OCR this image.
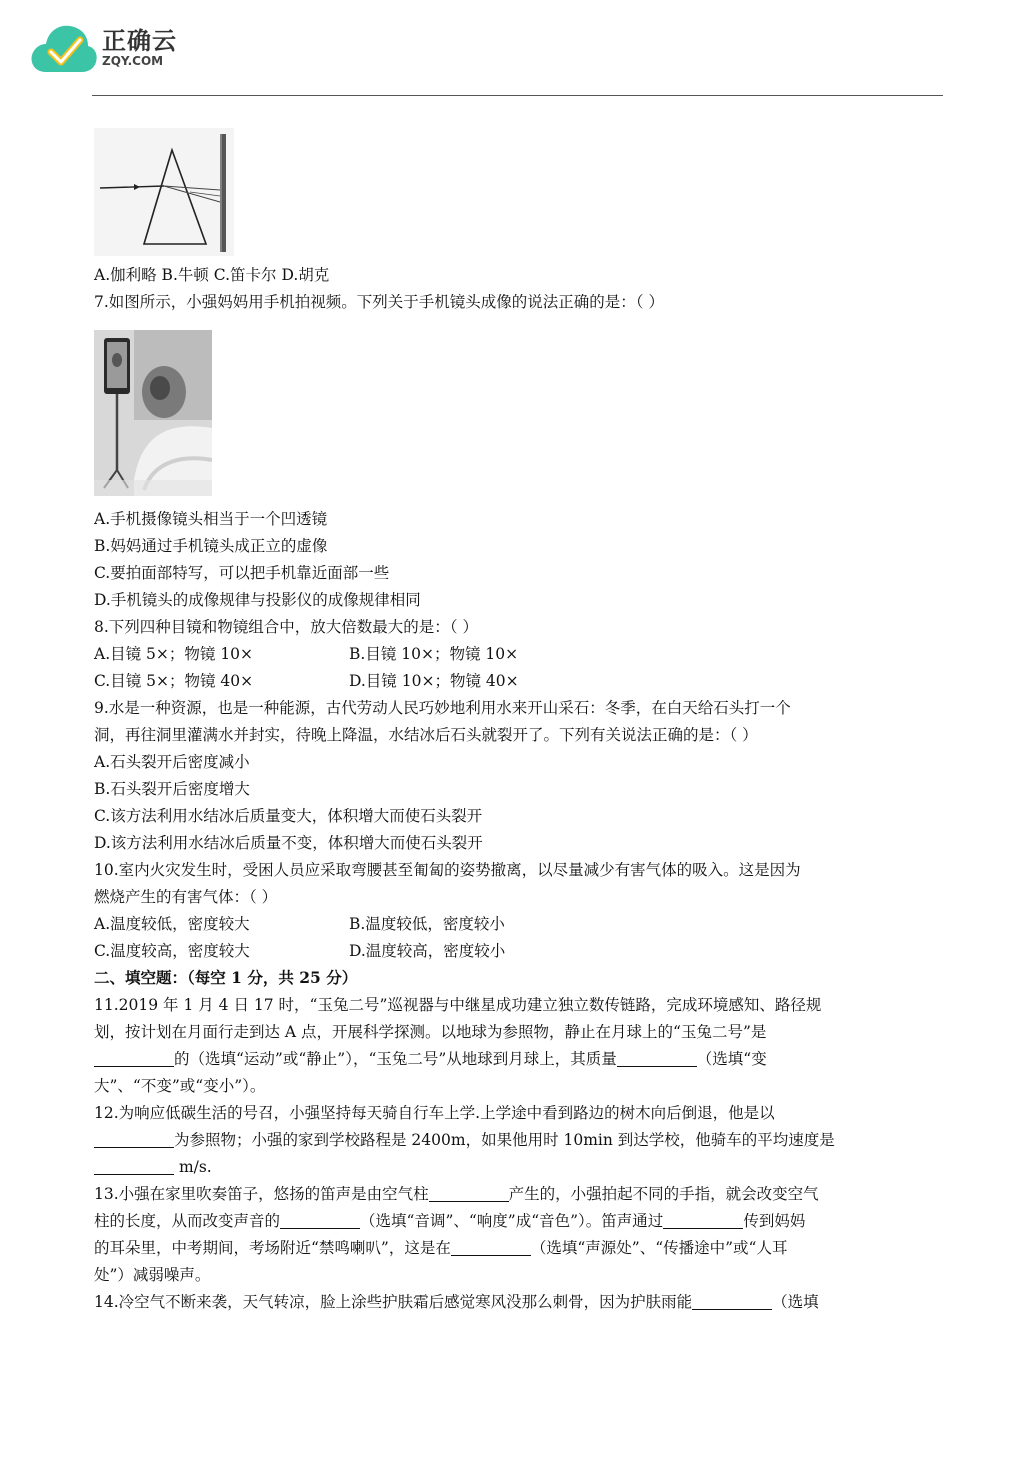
正确云
ZQY.COM
A.伽利略 B.牛顿 C.笛卡尔 D.胡克
7.如图所示，小强妈妈用手机拍视频。下列关于手机镜头成像的说法正确的是：（ ）
A.手机摄像镜头相当于一个凹透镜
B.妈妈通过手机镜头成正立的虚像
C.要拍面部特写，可以把手机靠近面部一些
D.手机镜头的成像规律与投影仪的成像规律相同
8.下列四种目镜和物镜组合中，放大倍数最大的是：（ ）
A.目镜 5×；物镜 10×	B.目镜 10×；物镜 10×
C.目镜 5×；物镜 40×	D.目镜 10×；物镜 40×
9.水是一种资源，也是一种能源，古代劳动人民巧妙地利用水来开山采石：冬季，在白天给石头打一个
洞，再往洞里灌满水并封实，待晚上降温，水结冰后石头就裂开了。下列有关说法正确的是：（ ）
A.石头裂开后密度减小
B.石头裂开后密度增大
C.该方法利用水结冰后质量变大，体积增大而使石头裂开
D.该方法利用水结冰后质量不变，体积增大而使石头裂开
10.室内火灾发生时，受困人员应采取弯腰甚至匍匐的姿势撤离，以尽量减少有害气体的吸入。这是因为
燃烧产生的有害气体：（ ）
A.温度较低，密度较大	B.温度较低，密度较小
C.温度较高，密度较大	D.温度较高，密度较小
二、填空题：（每空 1 分，共 25 分）
11.2019 年 1 月 4 日 17 时，“玉兔二号”巡视器与中继星成功建立独立数传链路，完成环境感知、路径规
划，按计划在月面行走到达 A 点，开展科学探测。以地球为参照物，静止在月球上的“玉兔二号”是
的（选填“运动”或“静止”），“玉兔二号”从地球到月球上，其质量	（选填“变
大”、“不变”或“变小”）。
12.为响应低碳生活的号召，小强坚持每天骑自行车上学.上学途中看到路边的树木向后倒退，他是以
为参照物；小强的家到学校路程是 2400m，如果他用时 10min 到达学校，他骑车的平均速度是
m/s.
13.小强在家里吹奏笛子，悠扬的笛声是由空气柱	产生的，小强拍起不同的手指，就会改变空气
柱的长度，从而改变声音的	（选填“音调”、“响度”成“音色”）。笛声通过	传到妈妈
的耳朵里，中考期间，考场附近“禁鸣喇叭”，这是在	（选填“声源处”、“传播途中”或“人耳
处”）减弱噪声。
14.冷空气不断来袭，天气转凉，脸上涂些护肤霜后感觉寒风没那么刺骨，因为护肤雨能	（选填
